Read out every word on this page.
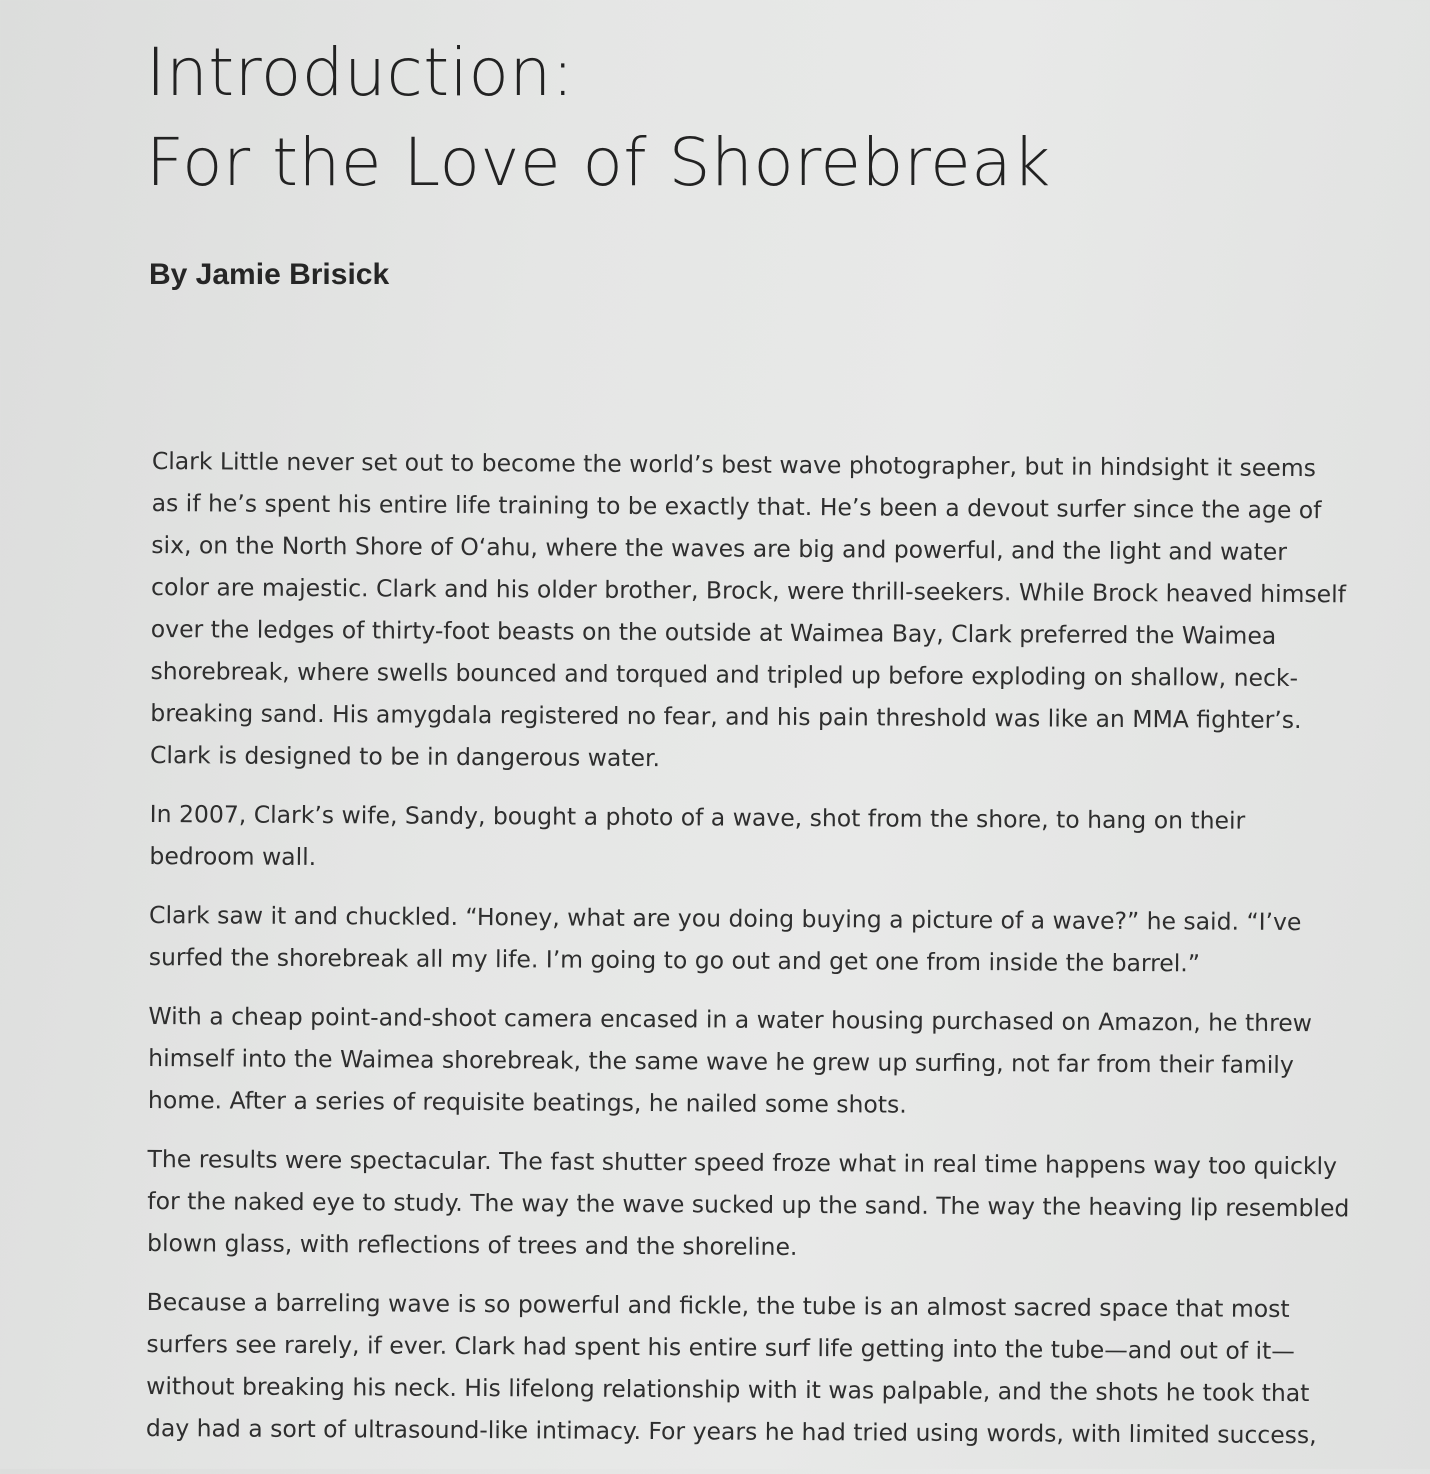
Introduction:
For the Love of Shorebreak

By Jamie Brisick

Clark Little never set out to become the world’s best wave photographer, but in hindsight it seems
as if he’s spent his entire life training to be exactly that. He’s been a devout surfer since the age of
six, on the North Shore of O‘ahu, where the waves are big and powerful, and the light and water
color are majestic. Clark and his older brother, Brock, were thrill-seekers. While Brock heaved himself
over the ledges of thirty-foot beasts on the outside at Waimea Bay, Clark preferred the Waimea
shorebreak, where swells bounced and torqued and tripled up before exploding on shallow, neck-
breaking sand. His amygdala registered no fear, and his pain threshold was like an MMA fighter’s.
Clark is designed to be in dangerous water.

In 2007, Clark’s wife, Sandy, bought a photo of a wave, shot from the shore, to hang on their
bedroom wall.

Clark saw it and chuckled. “Honey, what are you doing buying a picture of a wave?” he said. “I’ve
surfed the shorebreak all my life. I’m going to go out and get one from inside the barrel.”

With a cheap point-and-shoot camera encased in a water housing purchased on Amazon, he threw
himself into the Waimea shorebreak, the same wave he grew up surfing, not far from their family
home. After a series of requisite beatings, he nailed some shots.

The results were spectacular. The fast shutter speed froze what in real time happens way too quickly
for the naked eye to study. The way the wave sucked up the sand. The way the heaving lip resembled
blown glass, with reflections of trees and the shoreline.

Because a barreling wave is so powerful and fickle, the tube is an almost sacred space that most
surfers see rarely, if ever. Clark had spent his entire surf life getting into the tube—and out of it—
without breaking his neck. His lifelong relationship with it was palpable, and the shots he took that
day had a sort of ultrasound-like intimacy. For years he had tried using words, with limited success,
